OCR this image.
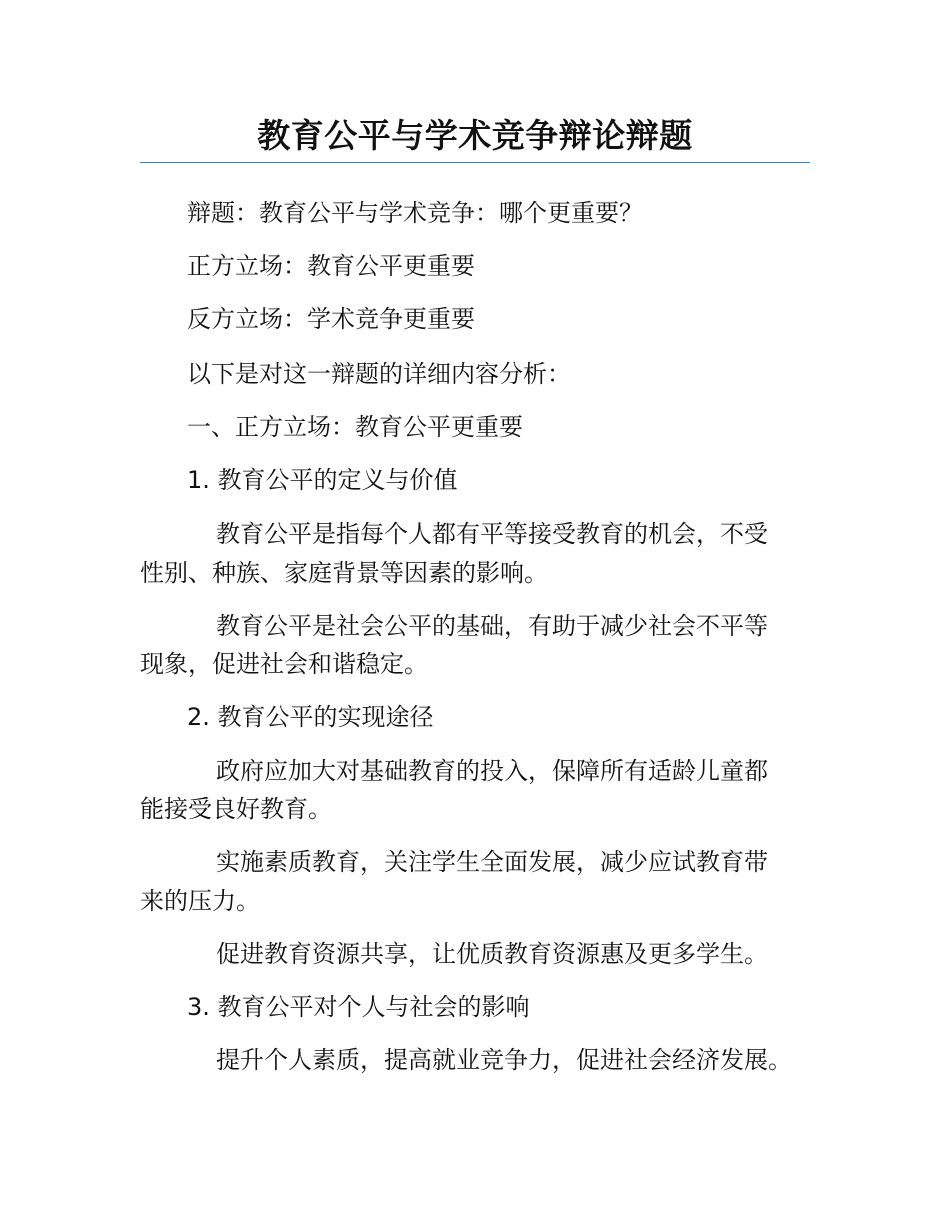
教育公平与学术竞争辩论辩题
辩题：教育公平与学术竞争：哪个更重要？
正方立场：教育公平更重要
反方立场：学术竞争更重要
以下是对这一辩题的详细内容分析：
一、正方立场：教育公平更重要
1. 教育公平的定义与价值
教育公平是指每个人都有平等接受教育的机会，不受
性别、种族、家庭背景等因素的影响。
教育公平是社会公平的基础，有助于减少社会不平等
现象，促进社会和谐稳定。
2. 教育公平的实现途径
政府应加大对基础教育的投入，保障所有适龄儿童都
能接受良好教育。
实施素质教育，关注学生全面发展，减少应试教育带
来的压力。
促进教育资源共享，让优质教育资源惠及更多学生。
3. 教育公平对个人与社会的影响
提升个人素质，提高就业竞争力，促进社会经济发展。
